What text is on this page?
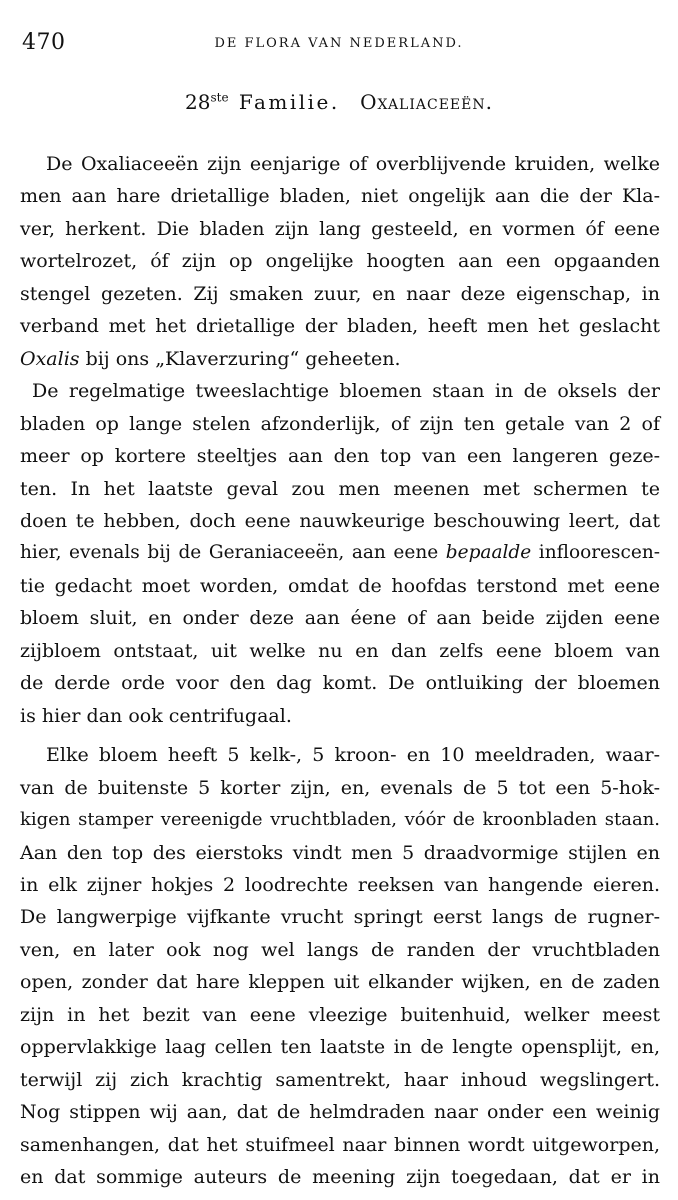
470	DE FLORA VAN NEDERLAND.
28ste Familie. Oxaliaceeën.
De Oxaliaceeën zijn eenjarige of overblijvende kruiden, welke
men aan hare drietallige bladen, niet ongelijk aan die der Kla-
ver, herkent. Die bladen zijn lang gesteeld, en vormen óf eene
wortelrozet, óf zijn op ongelijke hoogten aan een opgaanden
stengel gezeten. Zij smaken zuur, en naar deze eigenschap, in
verband met het drietallige der bladen, heeft men het geslacht
Oxalis bij ons „Klaverzuring“ geheeten.
De regelmatige tweeslachtige bloemen staan in de oksels der
bladen op lange stelen afzonderlijk, of zijn ten getale van 2 of
meer op kortere steeltjes aan den top van een langeren geze-
ten. In het laatste geval zou men meenen met schermen te
doen te hebben, doch eene nauwkeurige beschouwing leert, dat
hier, evenals bij de Geraniaceeën, aan eene bepaalde infloorescen-
tie gedacht moet worden, omdat de hoofdas terstond met eene
bloem sluit, en onder deze aan éene of aan beide zijden eene
zijbloem ontstaat, uit welke nu en dan zelfs eene bloem van
de derde orde voor den dag komt. De ontluiking der bloemen
is hier dan ook centrifugaal.
Elke bloem heeft 5 kelk-, 5 kroon- en 10 meeldraden, waar-
van de buitenste 5 korter zijn, en, evenals de 5 tot een 5-hok-
kigen stamper vereenigde vruchtbladen, vóór de kroonbladen staan.
Aan den top des eierstoks vindt men 5 draadvormige stijlen en
in elk zijner hokjes 2 loodrechte reeksen van hangende eieren.
De langwerpige vijfkante vrucht springt eerst langs de rugner-
ven, en later ook nog wel langs de randen der vruchtbladen
open, zonder dat hare kleppen uit elkander wijken, en de zaden
zijn in het bezit van eene vleezige buitenhuid, welker meest
oppervlakkige laag cellen ten laatste in de lengte opensplijt, en,
terwijl zij zich krachtig samentrekt, haar inhoud wegslingert.
Nog stippen wij aan, dat de helmdraden naar onder een weinig
samenhangen, dat het stuifmeel naar binnen wordt uitgeworpen,
en dat sommige auteurs de meening zijn toegedaan, dat er in
